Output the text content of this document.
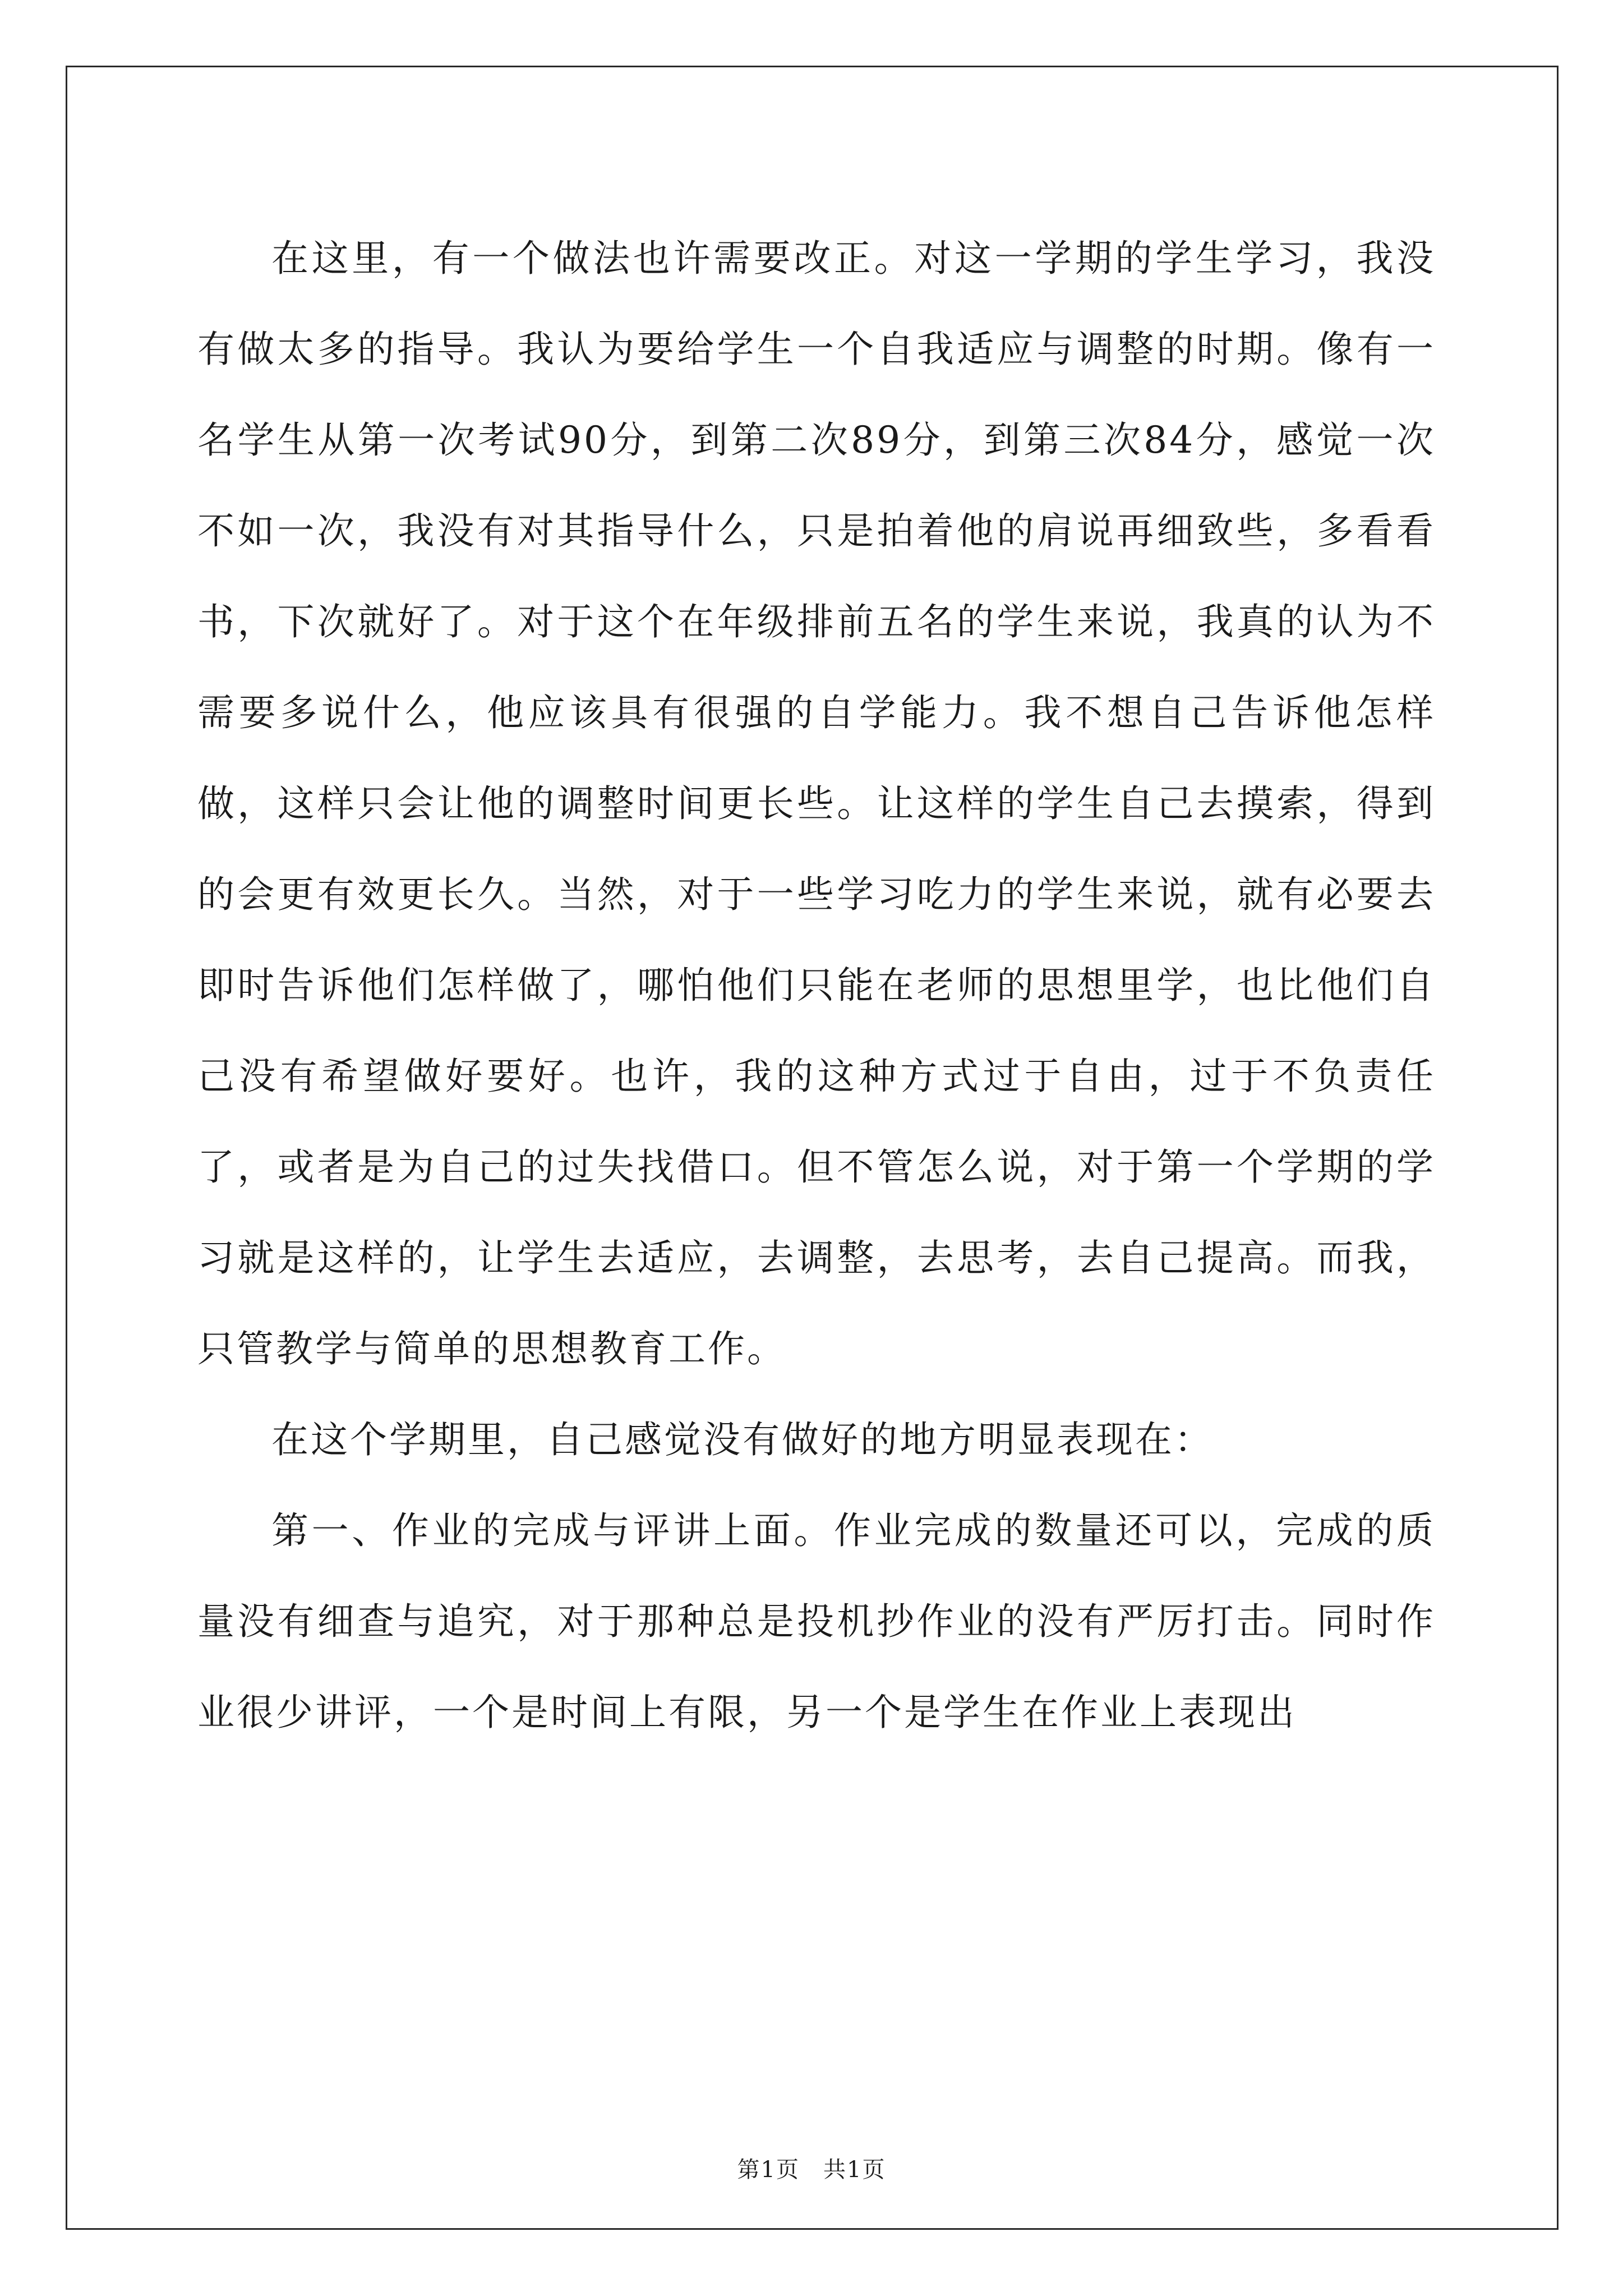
在这里，有一个做法也许需要改正。对这一学期的学生学习，我没有做太多的指导。我认为要给学生一个自我适应与调整的时期。像有一名学生从第一次考试90分，到第二次89分，到第三次84分，感觉一次不如一次，我没有对其指导什么，只是拍着他的肩说再细致些，多看看书，下次就好了。对于这个在年级排前五名的学生来说，我真的认为不需要多说什么，他应该具有很强的自学能力。我不想自己告诉他怎样做，这样只会让他的调整时间更长些。让这样的学生自己去摸索，得到的会更有效更长久。当然，对于一些学习吃力的学生来说，就有必要去即时告诉他们怎样做了，哪怕他们只能在老师的思想里学，也比他们自己没有希望做好要好。也许，我的这种方式过于自由，过于不负责任了，或者是为自己的过失找借口。但不管怎么说，对于第一个学期的学习就是这样的，让学生去适应，去调整，去思考，去自己提高。而我，只管教学与简单的思想教育工作。

在这个学期里，自己感觉没有做好的地方明显表现在：

第一、作业的完成与评讲上面。作业完成的数量还可以，完成的质量没有细查与追究，对于那种总是投机抄作业的没有严厉打击。同时作业很少讲评，一个是时间上有限，另一个是学生在作业上表现出

第1页　共1页
